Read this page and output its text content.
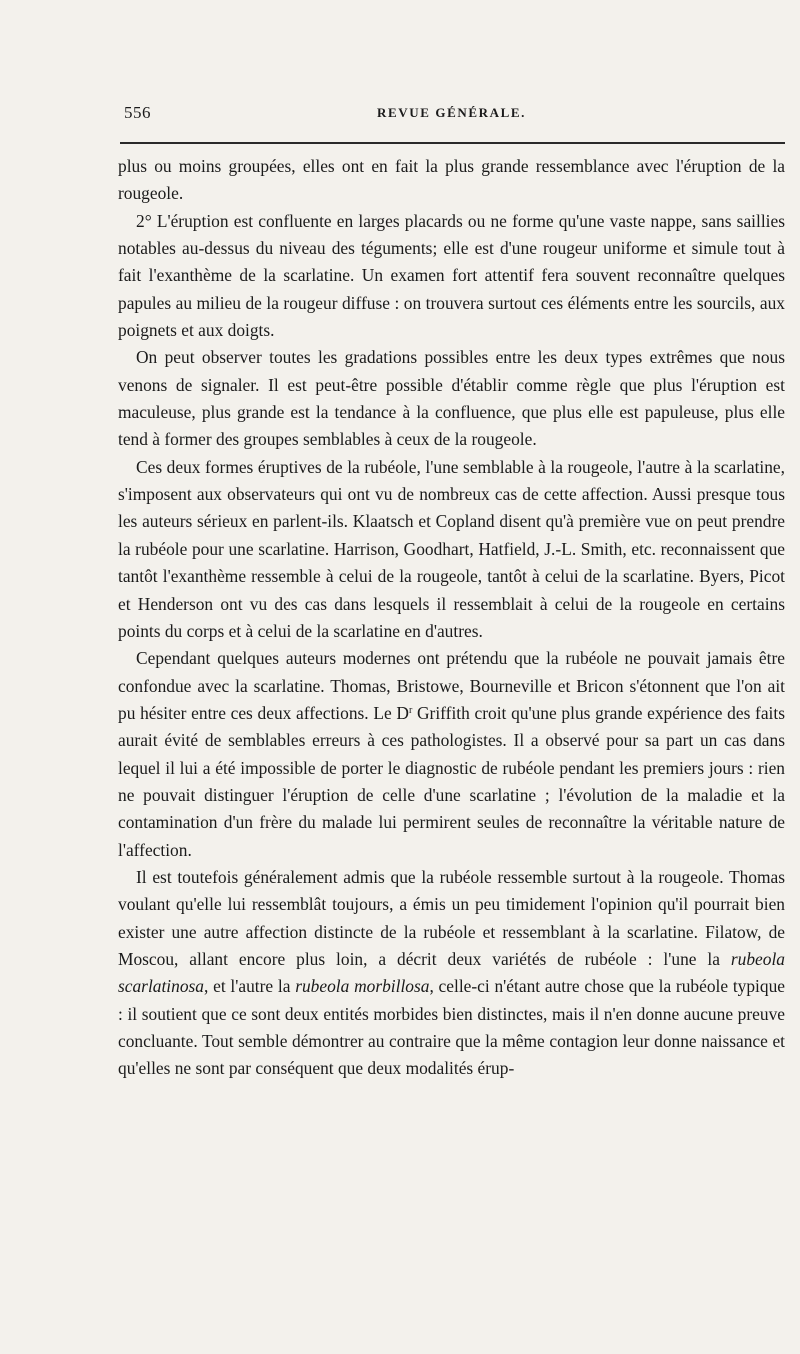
556	REVUE GÉNÉRALE.

plus ou moins groupées, elles ont en fait la plus grande ressemblance avec l'éruption de la rougeole.

2° L'éruption est confluente en larges placards ou ne forme qu'une vaste nappe, sans saillies notables au-dessus du niveau des téguments; elle est d'une rougeur uniforme et simule tout à fait l'exanthème de la scarlatine. Un examen fort attentif fera souvent reconnaître quelques papules au milieu de la rougeur diffuse : on trouvera surtout ces éléments entre les sourcils, aux poignets et aux doigts.

On peut observer toutes les gradations possibles entre les deux types extrêmes que nous venons de signaler. Il est peut-être possible d'établir comme règle que plus l'éruption est maculeuse, plus grande est la tendance à la confluence, que plus elle est papuleuse, plus elle tend à former des groupes semblables à ceux de la rougeole.

Ces deux formes éruptives de la rubéole, l'une semblable à la rougeole, l'autre à la scarlatine, s'imposent aux observateurs qui ont vu de nombreux cas de cette affection. Aussi presque tous les auteurs sérieux en parlent-ils. Klaatsch et Copland disent qu'à première vue on peut prendre la rubéole pour une scarlatine. Harrison, Goodhart, Hatfield, J.-L. Smith, etc. reconnaissent que tantôt l'exanthème ressemble à celui de la rougeole, tantôt à celui de la scarlatine. Byers, Picot et Henderson ont vu des cas dans lesquels il ressemblait à celui de la rougeole en certains points du corps et à celui de la scarlatine en d'autres.

Cependant quelques auteurs modernes ont prétendu que la rubéole ne pouvait jamais être confondue avec la scarlatine. Thomas, Bristowe, Bourneville et Bricon s'étonnent que l'on ait pu hésiter entre ces deux affections. Le $D^r$ Griffith croit qu'une plus grande expérience des faits aurait évité de semblables erreurs à ces pathologistes. Il a observé pour sa part un cas dans lequel il lui a été impossible de porter le diagnostic de rubéole pendant les premiers jours : rien ne pouvait distinguer l'éruption de celle d'une scarlatine ; l'évolution de la maladie et la contamination d'un frère du malade lui permirent seules de reconnaître la véritable nature de l'affection.

Il est toutefois généralement admis que la rubéole ressemble surtout à la rougeole. Thomas voulant qu'elle lui ressemblât toujours, a émis un peu timidement l'opinion qu'il pourrait bien exister une autre affection distincte de la rubéole et ressemblant à la scarlatine. Filatow, de Moscou, allant encore plus loin, a décrit deux variétés de rubéole : l'une la rubeola scarlatinosa, et l'autre la rubeola morbillosa, celle-ci n'étant autre chose que la rubéole typique : il soutient que ce sont deux entités morbides bien distinctes, mais il n'en donne aucune preuve concluante. Tout semble démontrer au contraire que la même contagion leur donne naissance et qu'elles ne sont par conséquent que deux modalités érup-
